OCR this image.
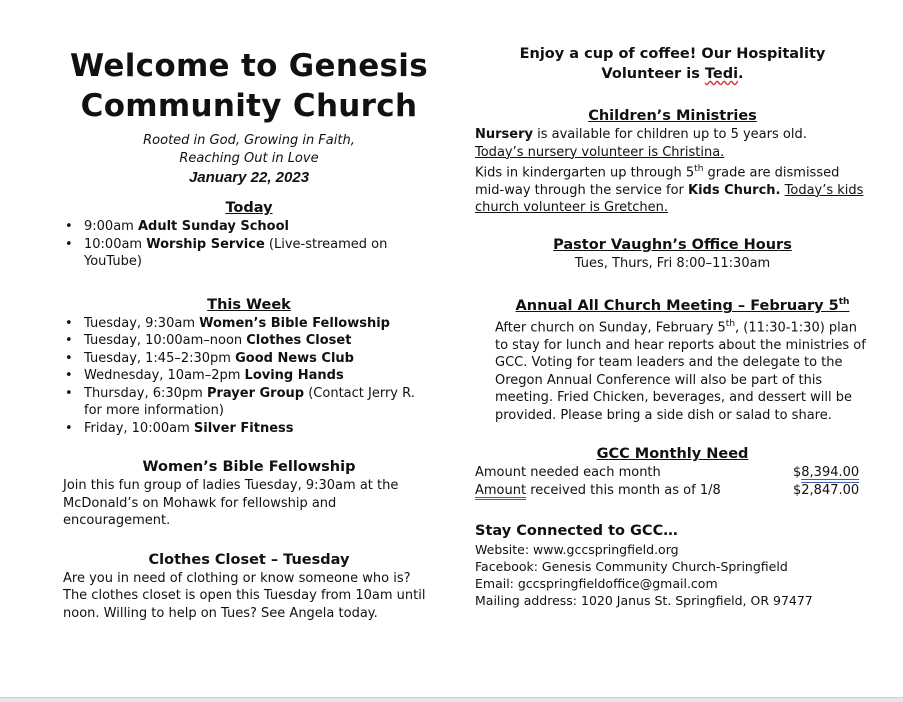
Welcome to Genesis
Community Church
Rooted in God, Growing in Faith,
Reaching Out in Love
January 22, 2023
Today
• 9:00am Adult Sunday School
• 10:00am Worship Service (Live-streamed on YouTube)
This Week
• Tuesday, 9:30am Women’s Bible Fellowship
• Tuesday, 10:00am–noon Clothes Closet
• Tuesday, 1:45–2:30pm Good News Club
• Wednesday, 10am–2pm Loving Hands
• Thursday, 6:30pm Prayer Group (Contact Jerry R. for more information)
• Friday, 10:00am Silver Fitness
Women’s Bible Fellowship
Join this fun group of ladies Tuesday, 9:30am at the McDonald’s on Mohawk for fellowship and encouragement.
Clothes Closet – Tuesday
Are you in need of clothing or know someone who is? The clothes closet is open this Tuesday from 10am until noon. Willing to help on Tues? See Angela today.
Enjoy a cup of coffee! Our Hospitality
Volunteer is Tedi.
Children’s Ministries
Nursery is available for children up to 5 years old.
Today’s nursery volunteer is Christina.
Kids in kindergarten up through 5th grade are dismissed mid-way through the service for Kids Church. Today’s kids church volunteer is Gretchen.
Pastor Vaughn’s Office Hours
Tues, Thurs, Fri 8:00–11:30am
Annual All Church Meeting – February 5th
After church on Sunday, February 5th, (11:30-1:30) plan to stay for lunch and hear reports about the ministries of GCC. Voting for team leaders and the delegate to the Oregon Annual Conference will also be part of this meeting. Fried Chicken, beverages, and dessert will be provided. Please bring a side dish or salad to share.
GCC Monthly Need
Amount needed each month	$8,394.00
Amount received this month as of 1/8	$2,847.00
Stay Connected to GCC…
Website: www.gccspringfield.org
Facebook: Genesis Community Church-Springfield
Email: gccspringfieldoffice@gmail.com
Mailing address: 1020 Janus St. Springfield, OR 97477
